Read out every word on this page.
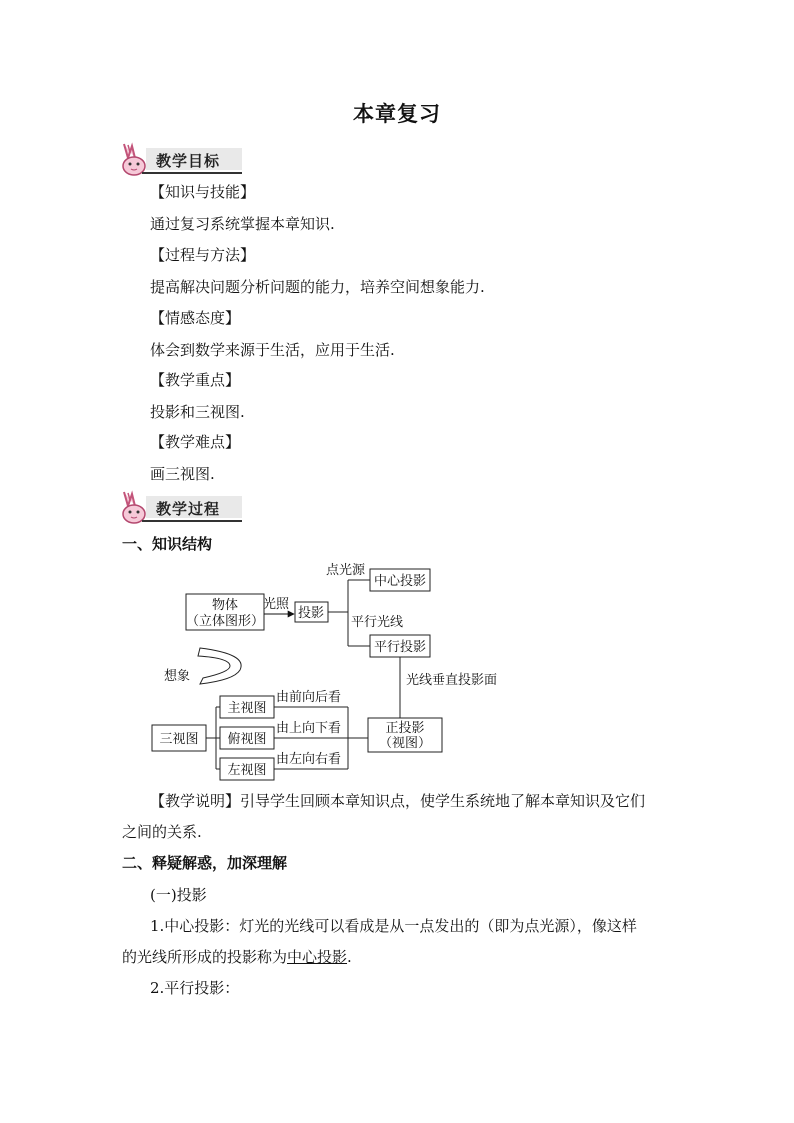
本章复习
教学目标
【知识与技能】
通过复习系统掌握本章知识.
【过程与方法】
提高解决问题分析问题的能力，培养空间想象能力.
【情感态度】
体会到数学来源于生活，应用于生活.
【教学重点】
投影和三视图.
【教学难点】
画三视图.
教学过程
一、知识结构
物体
（立体图形）
光照
投影
点光源
中心投影
平行光线
平行投影
光线垂直投影面
想象
三视图
主视图
俯视图
左视图
由前向后看
由上向下看
由左向右看
正投影
（视图）
【教学说明】引导学生回顾本章知识点，使学生系统地了解本章知识及它们
之间的关系.
二、释疑解惑，加深理解
(一)投影
1.中心投影：灯光的光线可以看成是从一点发出的（即为点光源），像这样
的光线所形成的投影称为中心投影.
2.平行投影：
